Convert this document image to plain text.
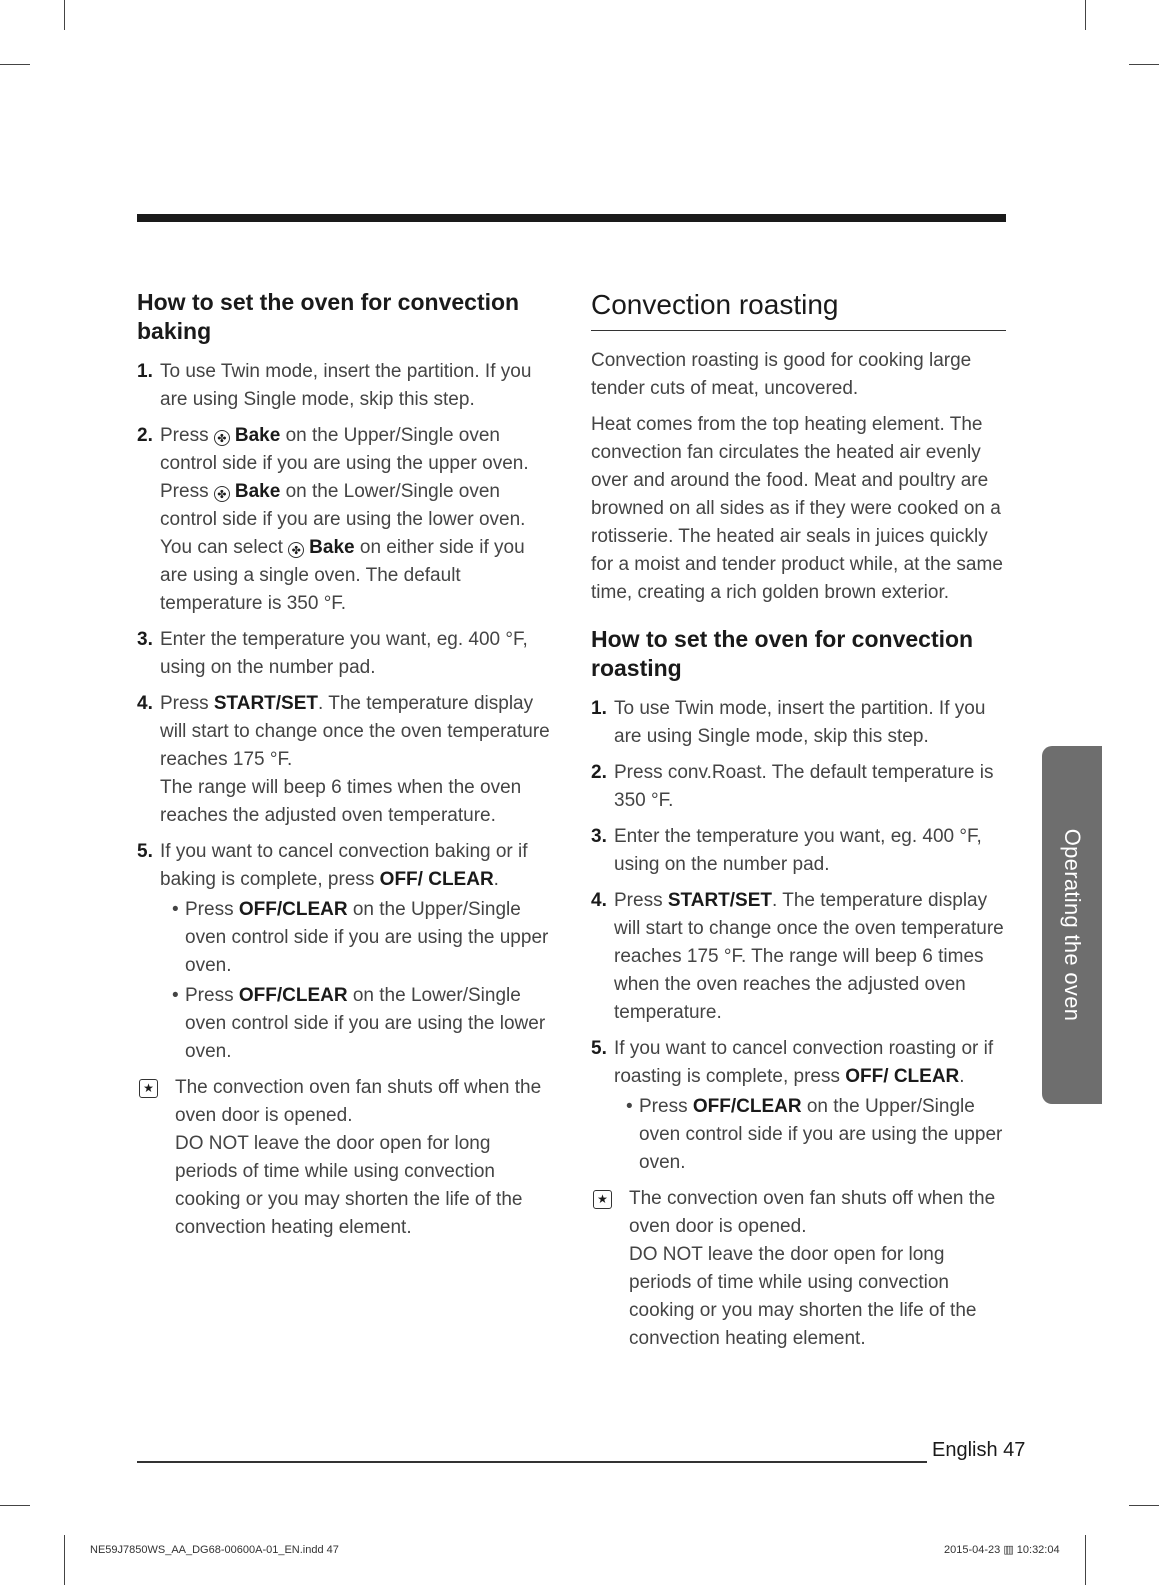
How to set the oven for convection baking
1. To use Twin mode, insert the partition. If you are using Single mode, skip this step.
2. Press ✤ Bake on the Upper/Single oven control side if you are using the upper oven. Press ✤ Bake on the Lower/Single oven control side if you are using the lower oven. You can select ✤ Bake on either side if you are using a single oven. The default temperature is 350 °F.
3. Enter the temperature you want, eg. 400 °F, using on the number pad.
4. Press START/SET. The temperature display will start to change once the oven temperature reaches 175 °F.
The range will beep 6 times when the oven reaches the adjusted oven temperature.
5. If you want to cancel convection baking or if baking is complete, press OFF/ CLEAR.
• Press OFF/CLEAR on the Upper/Single oven control side if you are using the upper oven.
• Press OFF/CLEAR on the Lower/Single oven control side if you are using the lower oven.
★ The convection oven fan shuts off when the oven door is opened.
DO NOT leave the door open for long periods of time while using convection cooking or you may shorten the life of the convection heating element.
Convection roasting

Convection roasting is good for cooking large tender cuts of meat, uncovered.

Heat comes from the top heating element. The convection fan circulates the heated air evenly over and around the food. Meat and poultry are browned on all sides as if they were cooked on a rotisserie. The heated air seals in juices quickly for a moist and tender product while, at the same time, creating a rich golden brown exterior.

How to set the oven for convection roasting
1. To use Twin mode, insert the partition. If you are using Single mode, skip this step.
2. Press conv.Roast. The default temperature is 350 °F.
3. Enter the temperature you want, eg. 400 °F, using on the number pad.
4. Press START/SET. The temperature display will start to change once the oven temperature reaches 175 °F. The range will beep 6 times when the oven reaches the adjusted oven temperature.
5. If you want to cancel convection roasting or if roasting is complete, press OFF/ CLEAR.
• Press OFF/CLEAR on the Upper/Single oven control side if you are using the upper oven.
★ The convection oven fan shuts off when the oven door is opened.
DO NOT leave the door open for long periods of time while using convection cooking or you may shorten the life of the convection heating element.
Operating the oven
English 47
NE59J7850WS_AA_DG68-00600A-01_EN.indd 47	2015-04-23 ▥ 10:32:04
